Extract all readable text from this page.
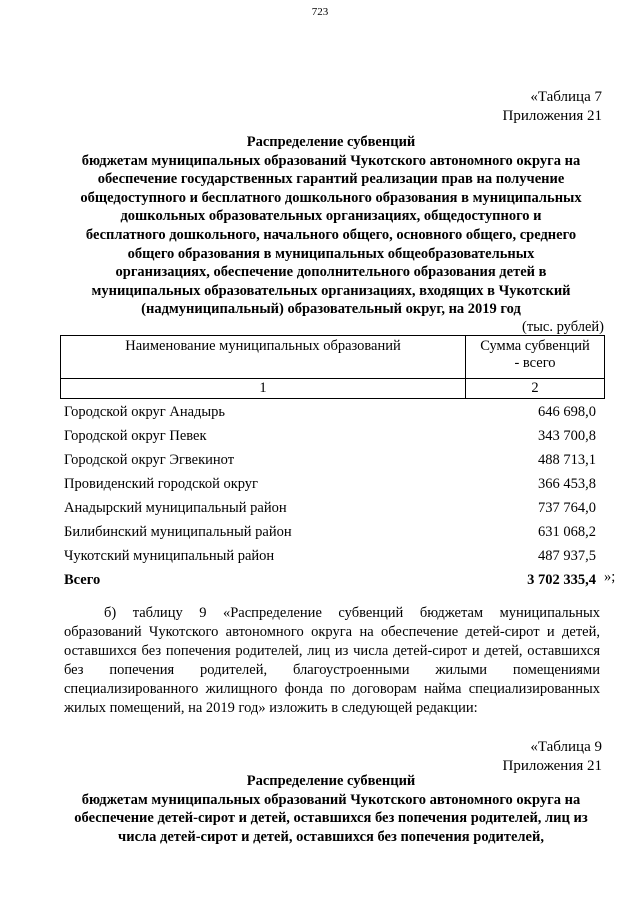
723
«Таблица 7
Приложения 21
Распределение субвенций
бюджетам муниципальных образований Чукотского автономного округа на
обеспечение государственных гарантий реализации прав на получение
общедоступного и бесплатного дошкольного образования в муниципальных
дошкольных образовательных организациях, общедоступного и
бесплатного дошкольного, начального общего, основного общего, среднего
общего образования в муниципальных общеобразовательных
организациях, обеспечение дополнительного образования детей в
муниципальных образовательных организациях, входящих в Чукотский
(надмуниципальный) образовательный округ, на 2019 год
(тыс. рублей)
Наименование муниципальных образований	Сумма субвенций
- всего

1	2
Городской округ Анадырь	646 698,0
Городской округ Певек	343 700,8
Городской округ Эгвекинот	488 713,1
Провиденский городской округ	366 453,8
Анадырский муниципальный район	737 764,0
Билибинский муниципальный район	631 068,2
Чукотский муниципальный район	487 937,5
Всего	3 702 335,4 »;
б) таблицу 9 «Распределение субвенций бюджетам муниципальных образований Чукотского автономного округа на обеспечение детей-сирот и детей, оставшихся без попечения родителей, лиц из числа детей-сирот и детей, оставшихся без попечения родителей, благоустроенными жилыми помещениями специализированного жилищного фонда по договорам найма специализированных жилых помещений, на 2019 год» изложить в следующей редакции:
«Таблица 9
Приложения 21
Распределение субвенций
бюджетам муниципальных образований Чукотского автономного округа на
обеспечение детей-сирот и детей, оставшихся без попечения родителей, лиц из
числа детей-сирот и детей, оставшихся без попечения родителей,
